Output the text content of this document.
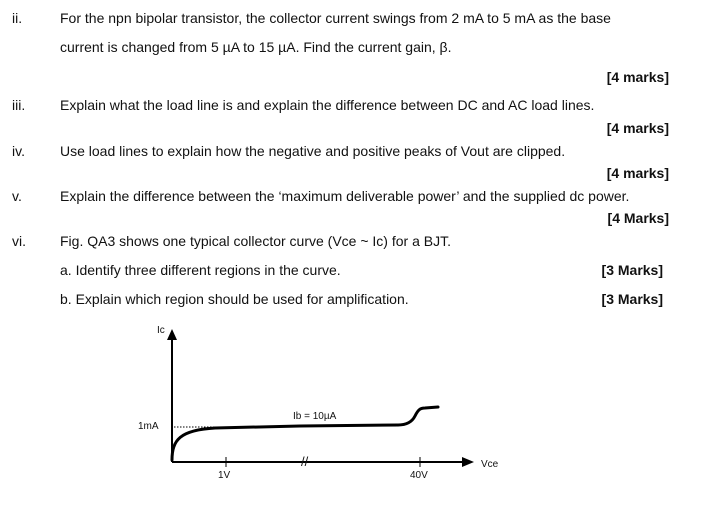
ii.	For the npn bipolar transistor, the collector current swings from 2 mA to 5 mA as the base
current is changed from 5 µA to 15 µA. Find the current gain, β.
[4 marks]
iii. Explain what the load line is and explain the difference between DC and AC load lines.
[4 marks]
iv.	Use load lines to explain how the negative and positive peaks of Vout are clipped.
[4 marks]
v.	Explain the difference between the ‘maximum deliverable power’ and the supplied dc power.
[4 Marks]
vi. Fig. QA3 shows one typical collector curve (Vce ~ Ic) for a BJT.
a. Identify three different regions in the curve.	[3 Marks]
b. Explain which region should be used for amplification.	[3 Marks]
Ic
Vce
1mA
1V	40V
//
Ib = 10µA
